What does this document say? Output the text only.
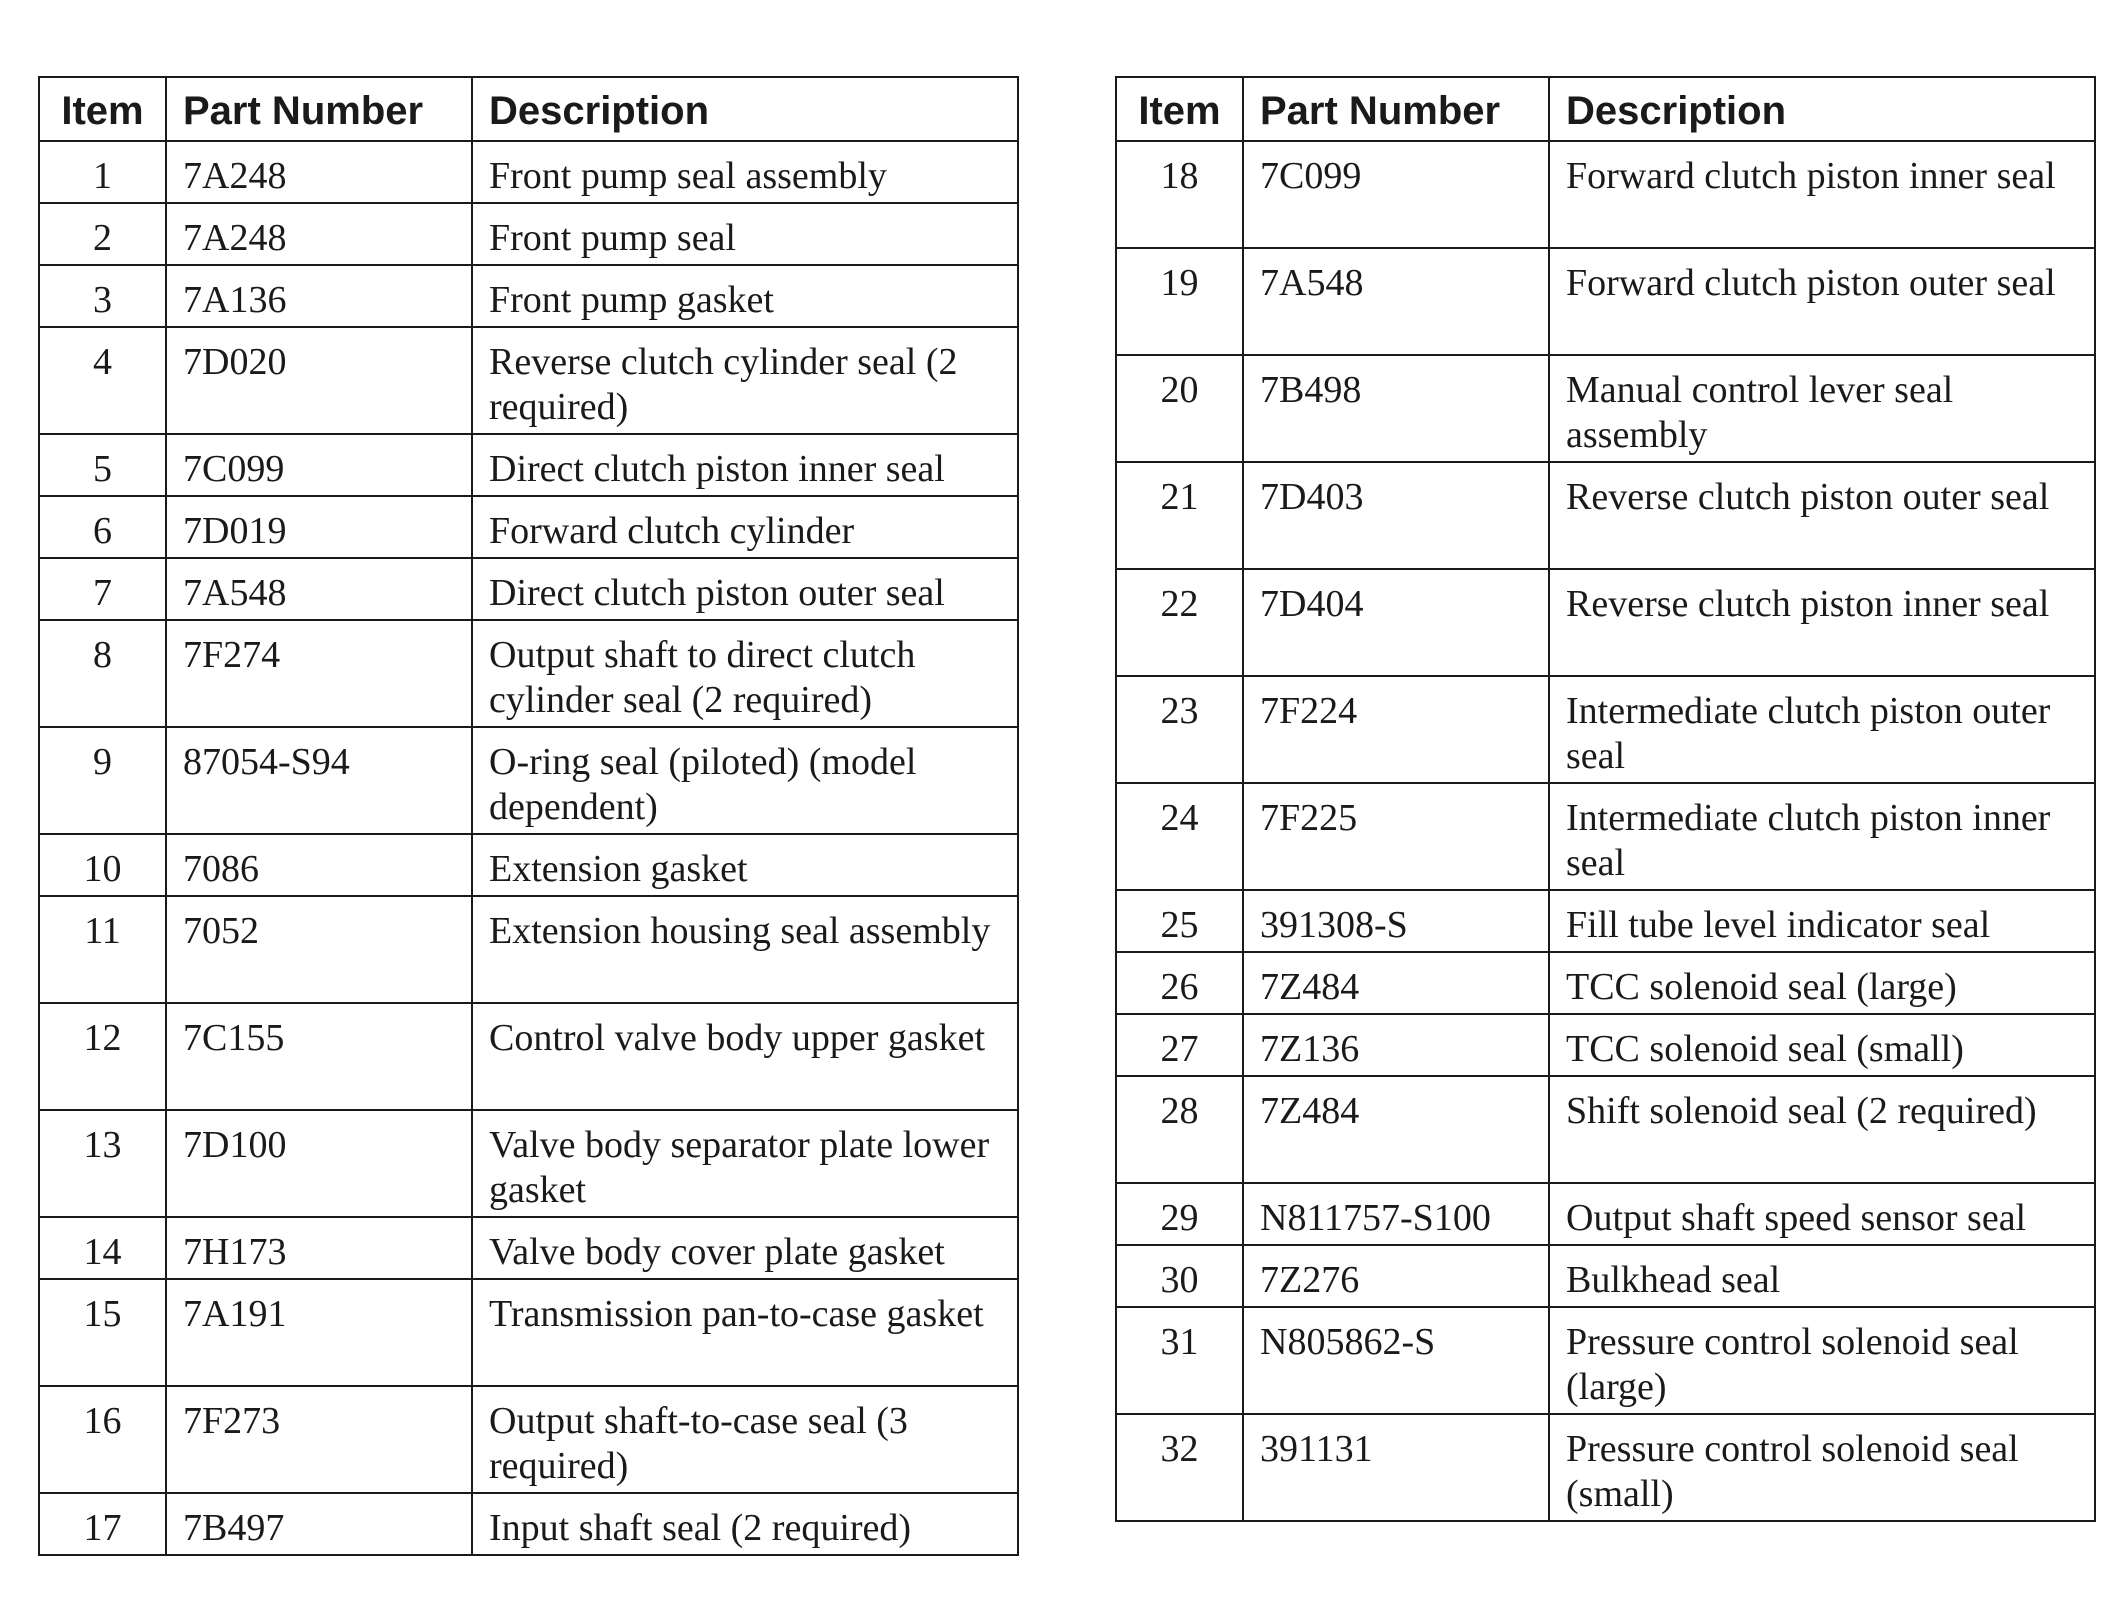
Item	Part Number	Description
1	7A248	Front pump seal assembly
2	7A248	Front pump seal
3	7A136	Front pump gasket
4	7D020	Reverse clutch cylinder seal (2 required)
5	7C099	Direct clutch piston inner seal
6	7D019	Forward clutch cylinder
7	7A548	Direct clutch piston outer seal
8	7F274	Output shaft to direct clutch cylinder seal (2 required)
9	87054-S94	O-ring seal (piloted) (model dependent)
10	7086	Extension gasket
11	7052	Extension housing seal assembly
12	7C155	Control valve body upper gasket
13	7D100	Valve body separator plate lower gasket
14	7H173	Valve body cover plate gasket
15	7A191	Transmission pan-to-case gasket
16	7F273	Output shaft-to-case seal (3 required)
17	7B497	Input shaft seal (2 required)
Item	Part Number	Description
18	7C099	Forward clutch piston inner seal
19	7A548	Forward clutch piston outer seal
20	7B498	Manual control lever seal assembly
21	7D403	Reverse clutch piston outer seal
22	7D404	Reverse clutch piston inner seal
23	7F224	Intermediate clutch piston outer seal
24	7F225	Intermediate clutch piston inner seal
25	391308-S	Fill tube level indicator seal
26	7Z484	TCC solenoid seal (large)
27	7Z136	TCC solenoid seal (small)
28	7Z484	Shift solenoid seal (2 required)
29	N811757-S100	Output shaft speed sensor seal
30	7Z276	Bulkhead seal
31	N805862-S	Pressure control solenoid seal (large)
32	391131	Pressure control solenoid seal (small)
